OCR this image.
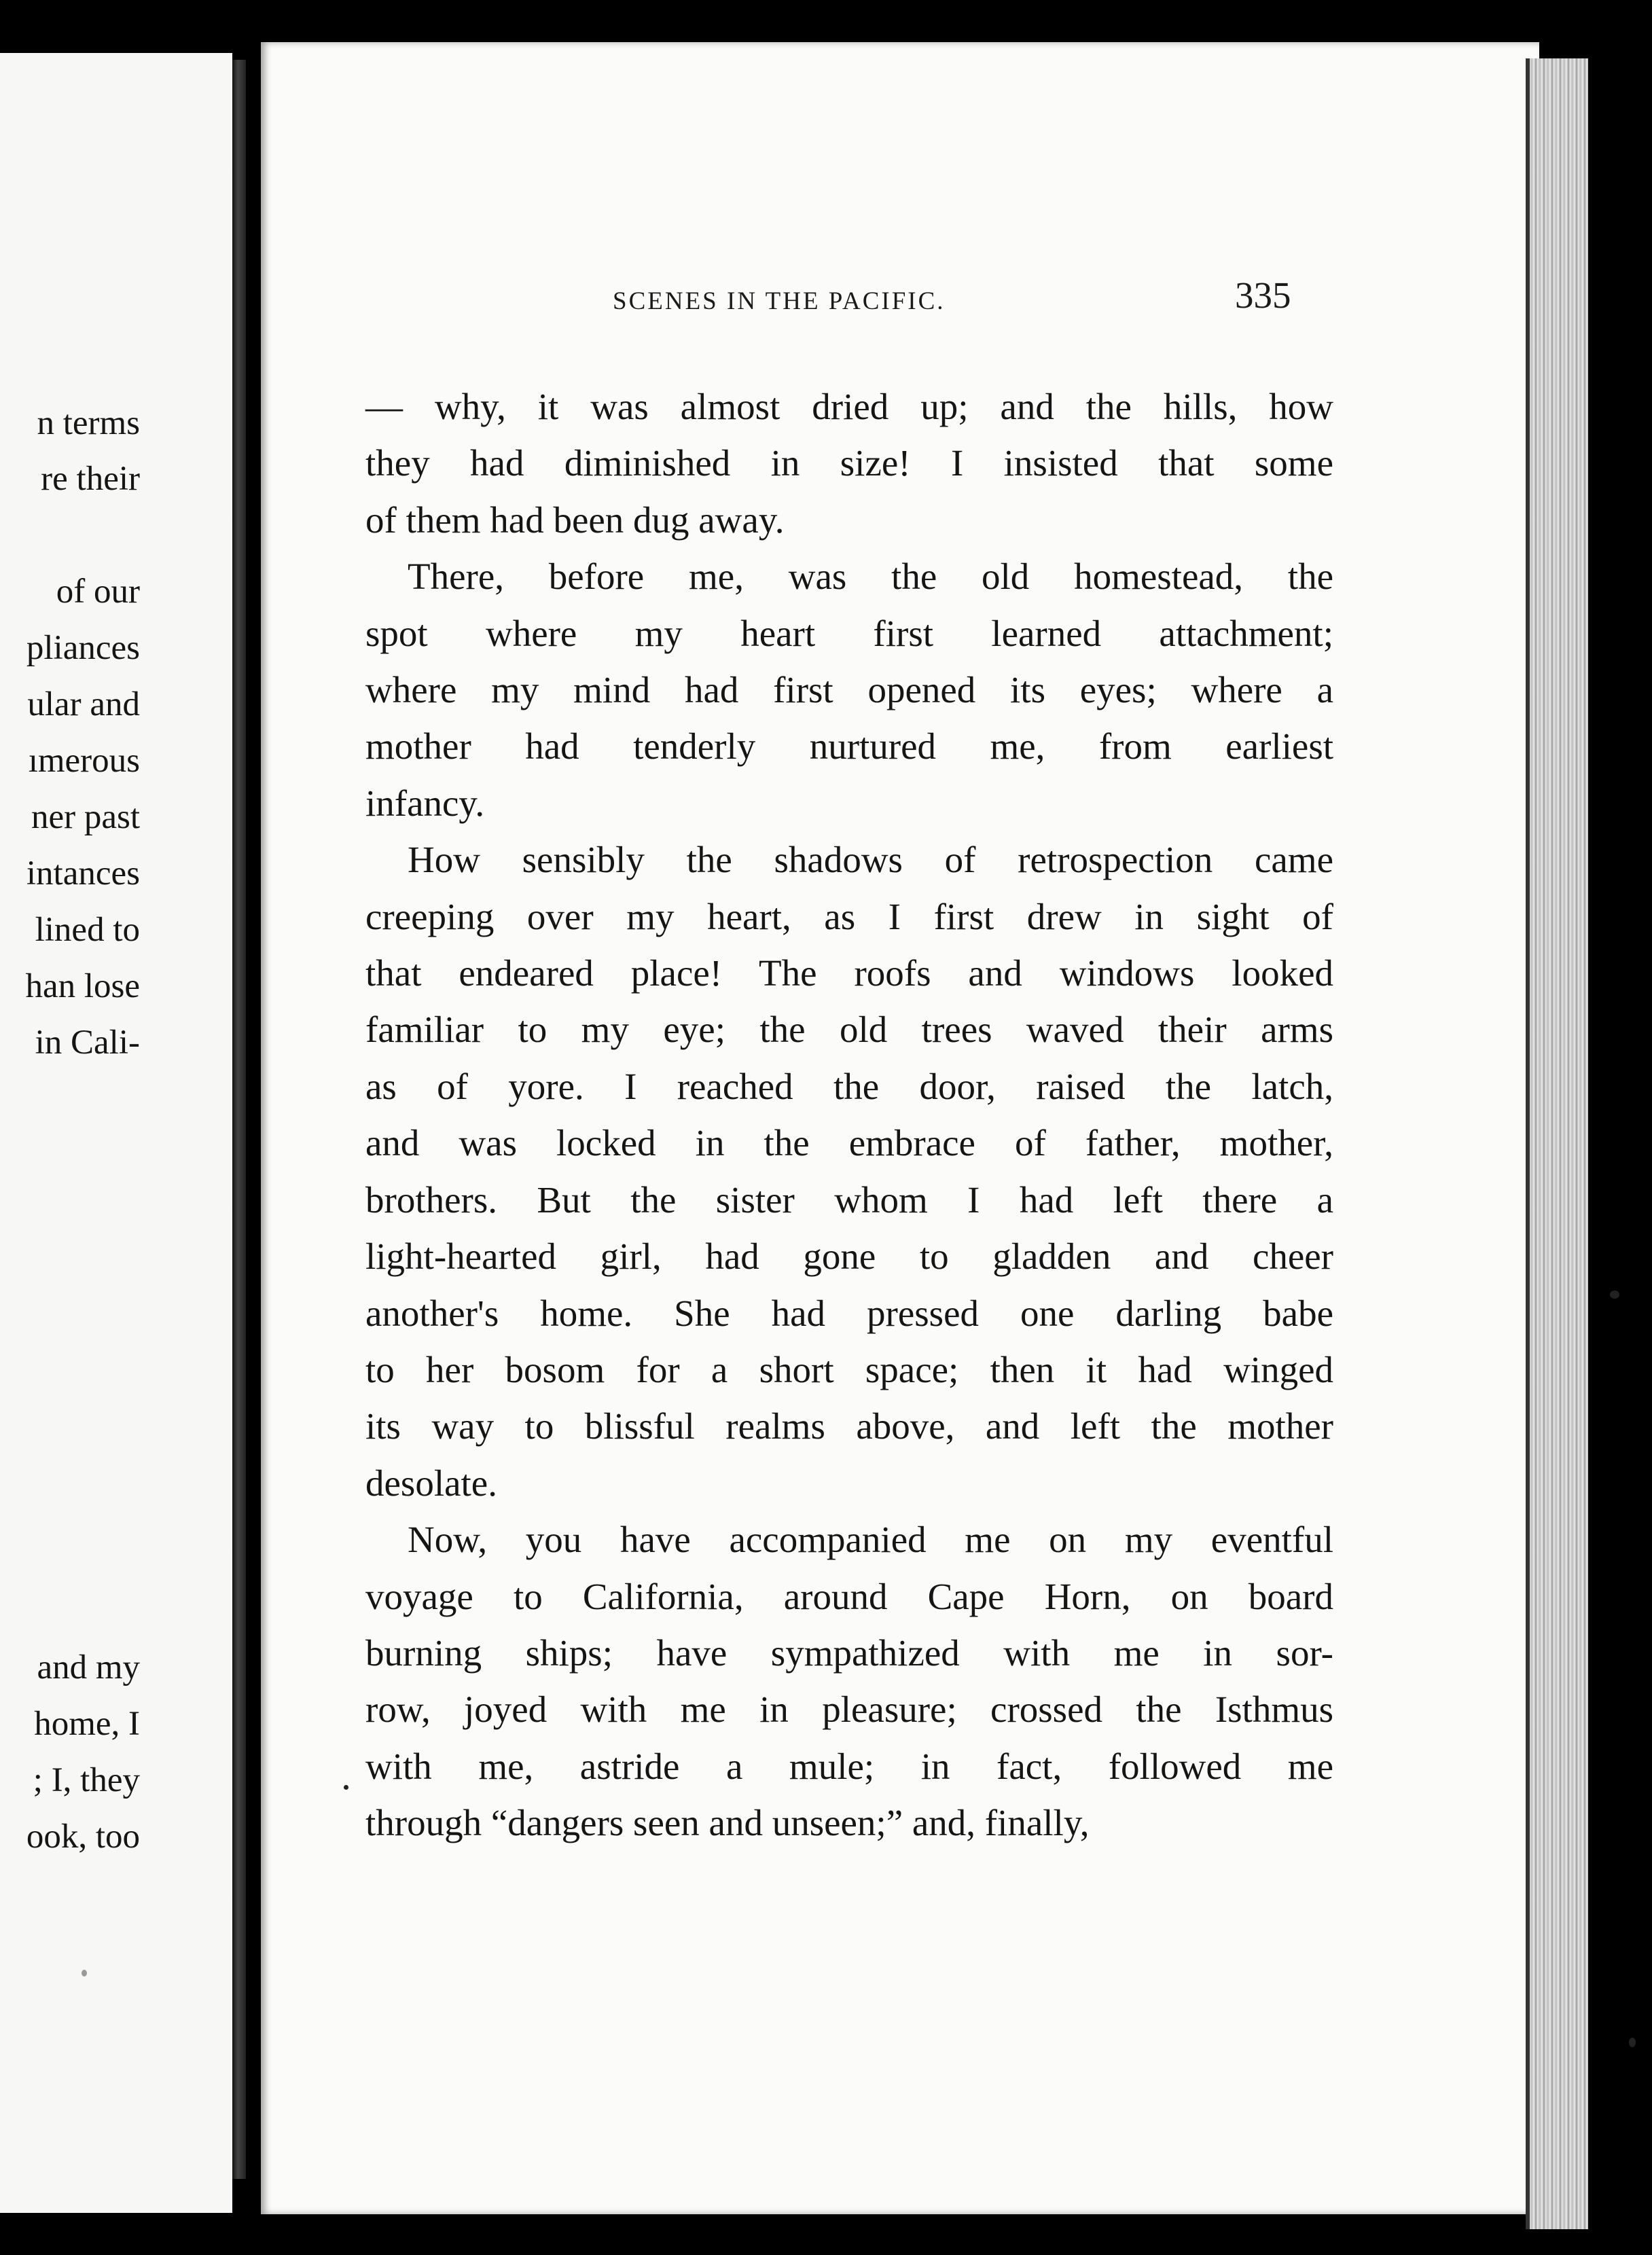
n terms
re their
of our
pliances
ular and
ımerous
ner past
intances
lined to
han lose
in Cali-
and my
home, I
; I, they
ook, too
SCENES IN THE PACIFIC.	335
— why, it was almost dried up; and the hills, how
they had diminished in size! I insisted that some
of them had been dug away.
There, before me, was the old homestead, the
spot where my heart first learned attachment;
where my mind had first opened its eyes; where a
mother had tenderly nurtured me, from earliest
infancy.
How sensibly the shadows of retrospection came
creeping over my heart, as I first drew in sight of
that endeared place! The roofs and windows looked
familiar to my eye; the old trees waved their arms
as of yore. I reached the door, raised the latch,
and was locked in the embrace of father, mother,
brothers. But the sister whom I had left there a
light-hearted girl, had gone to gladden and cheer
another's home. She had pressed one darling babe
to her bosom for a short space; then it had winged
its way to blissful realms above, and left the mother
desolate.
Now, you have accompanied me on my eventful
voyage to California, around Cape Horn, on board
burning ships; have sympathized with me in sor-
row, joyed with me in pleasure; crossed the Isthmus
with me, astride a mule; in fact, followed me
through “dangers seen and unseen;” and, finally,
